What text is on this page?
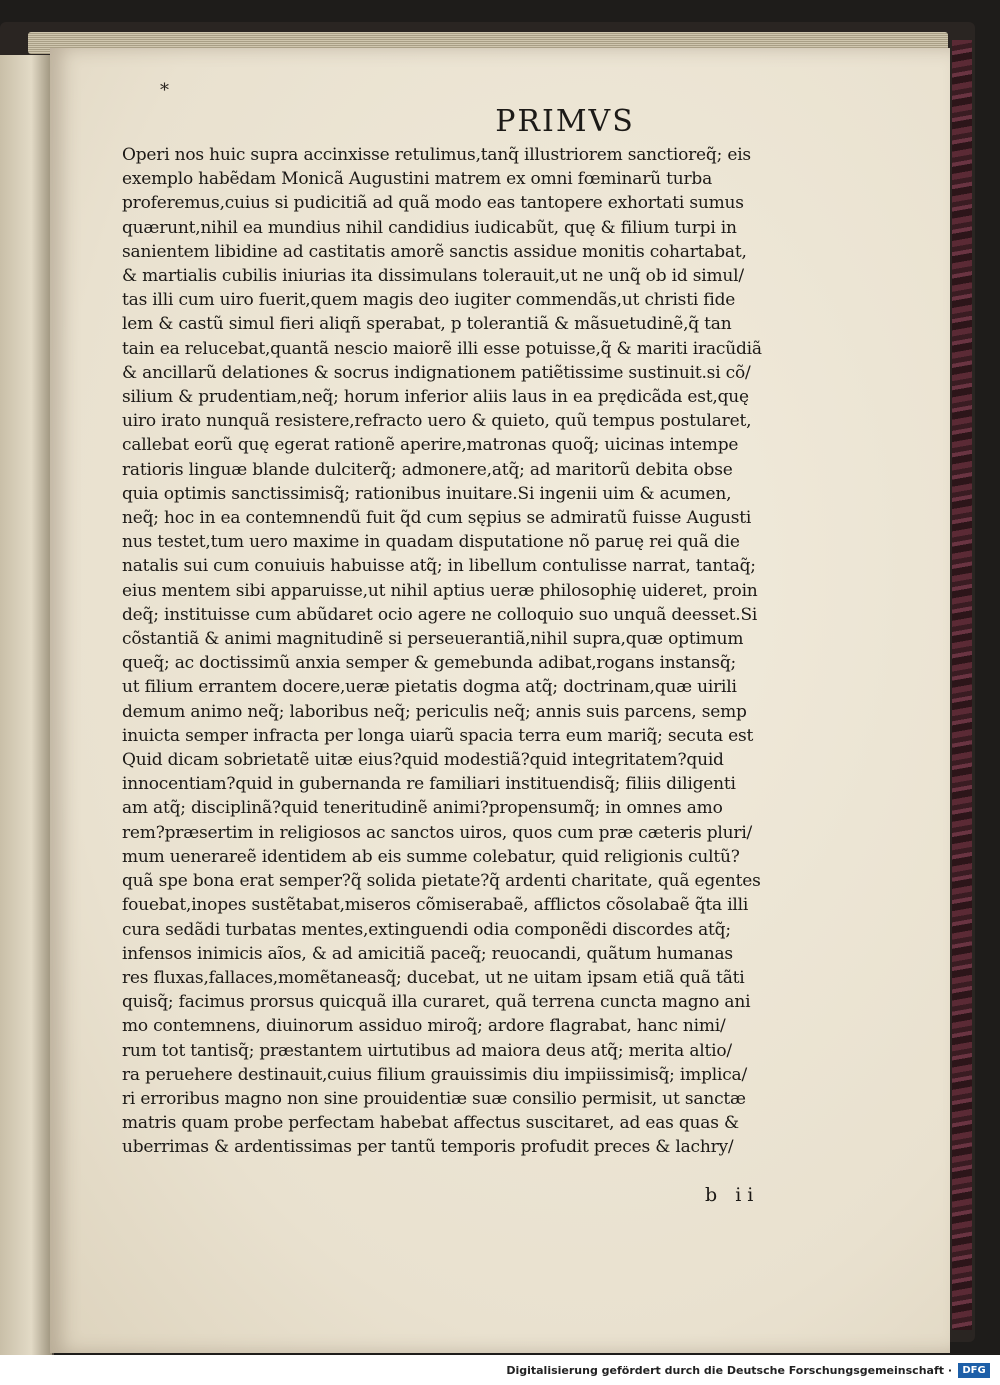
*
PRIMVS
Operi nos huic supra accinxisse retulimus,tanq̃ illustriorem sanctioreq̃; eis
exemplo habẽdam Monicã Augustini matrem ex omni fœminarũ turba
proferemus,cuius si pudicitiã ad quã modo eas tantopere exhortati sumus
quærunt,nihil ea mundius nihil candidius iudicabũt, quę & filium turpi in
sanientem libidine ad castitatis amorẽ sanctis assidue monitis cohartabat,
& martialis cubilis iniurias ita dissimulans tolerauit,ut ne unq̃ ob id simul/
tas illi cum uiro fuerit,quem magis deo iugiter commendãs,ut christi fide
lem & castũ simul fieri aliqñ sperabat, p tolerantiã & mãsuetudinẽ,q̃ tan
tain ea relucebat,quantã nescio maiorẽ illi esse potuisse,q̃ & mariti iracũdiã
& ancillarũ delationes & socrus indignationem patiẽtissime sustinuit.si cõ/
silium & prudentiam,neq̃; horum inferior aliis laus in ea prędicãda est,quę
uiro irato nunquã resistere,refracto uero & quieto, quũ tempus postularet,
callebat eorũ quę egerat rationẽ aperire,matronas quoq̃; uicinas intempe
ratioris linguæ blande dulciterq̃; admonere,atq̃; ad maritorũ debita obse
quia optimis sanctissimisq̃; rationibus inuitare.Si ingenii uim & acumen,
neq̃; hoc in ea contemnendũ fuit q̃d cum sępius se admiratũ fuisse Augusti
nus testet,tum uero maxime in quadam disputatione nõ paruę rei quã die
natalis sui cum conuiuis habuisse atq̃; in libellum contulisse narrat, tantaq̃;
eius mentem sibi apparuisse,ut nihil aptius ueræ philosophię uideret, proin
deq̃; instituisse cum abũdaret ocio agere ne colloquio suo unquã deesset.Si
cõstantiã & animi magnitudinẽ si perseuerantiã,nihil supra,quæ optimum
queq̃; ac doctissimũ anxia semper & gemebunda adibat,rogans instansq̃;
ut filium errantem docere,ueræ pietatis dogma atq̃; doctrinam,quæ uirili
demum animo neq̃; laboribus neq̃; periculis neq̃; annis suis parcens, semp
inuicta semper infracta per longa uiarũ spacia terra eum mariq̃; secuta est
Quid dicam sobrietatẽ uitæ eius?quid modestiã?quid integritatem?quid
innocentiam?quid in gubernanda re familiari instituendisq̃; filiis diligenti
am atq̃; disciplinã?quid teneritudinẽ animi?propensumq̃; in omnes amo
rem?præsertim in religiosos ac sanctos uiros, quos cum præ cæteris pluri/
mum uenerareẽ identidem ab eis summe colebatur, quid religionis cultũ?
quã spe bona erat semper?q̃ solida pietate?q̃ ardenti charitate, quã egentes
fouebat,inopes sustẽtabat,miseros cõmiserabaẽ, afflictos cõsolabaẽ q̃ta illi
cura sedãdi turbatas mentes,extinguendi odia componẽdi discordes atq̃;
infensos inimicis aĩos, & ad amicitiã paceq̃; reuocandi, quãtum humanas
res fluxas,fallaces,momẽtaneasq̃; ducebat, ut ne uitam ipsam etiã quã tãti
quisq̃; facimus prorsus quicquã illa curaret, quã terrena cuncta magno ani
mo contemnens, diuinorum assiduo miroq̃; ardore flagrabat, hanc nimi/
rum tot tantisq̃; præstantem uirtutibus ad maiora deus atq̃; merita altio/
ra peruehere destinauit,cuius filium grauissimis diu impiissimisq̃; implica/
ri erroribus magno non sine prouidentiæ suæ consilio permisit, ut sanctæ
matris quam probe perfectam habebat affectus suscitaret, ad eas quas &
uberrimas & ardentissimas per tantũ temporis profudit preces & lachry/
b ii
Digitalisierung gefördert durch die Deutsche Forschungsgemeinschaft ·	DFG
